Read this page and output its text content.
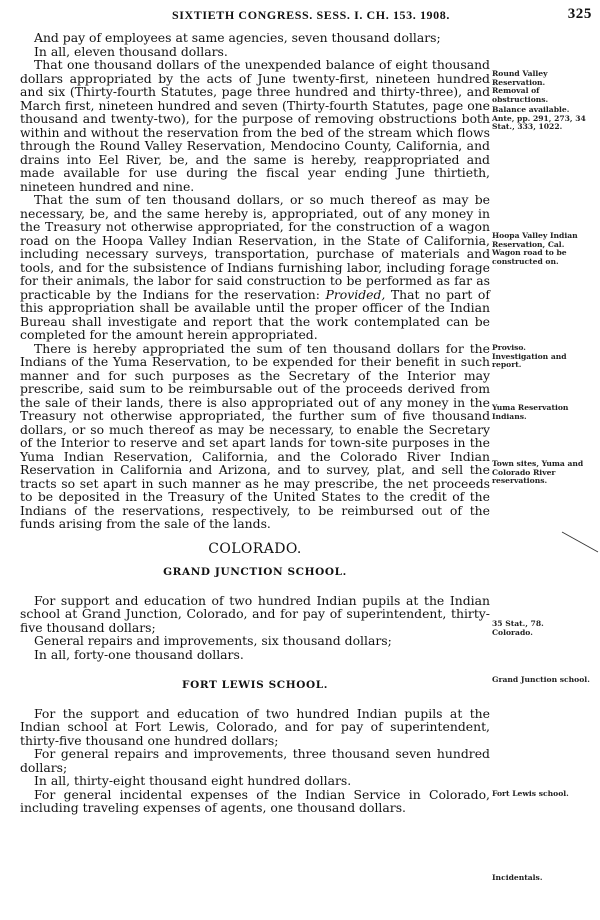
SIXTIETH CONGRESS. SESS. I. CH. 153. 1908.	325

And pay of employees at same agencies, seven thousand dollars;

In all, eleven thousand dollars.

That one thousand dollars of the unexpended balance of eight thousand dollars appropriated by the acts of June twenty-first, nineteen hundred and six (Thirty-fourth Statutes, page three hundred and thirty-three), and March first, nineteen hundred and seven (Thirty-fourth Statutes, page one thousand and twenty-two), for the purpose of removing obstructions both within and without the reservation from the bed of the stream which flows through the Round Valley Reservation, Mendocino County, California, and drains into Eel River, be, and the same is hereby, reappropriated and made available for use during the fiscal year ending June thirtieth, nineteen hundred and nine.

That the sum of ten thousand dollars, or so much thereof as may be necessary, be, and the same hereby is, appropriated, out of any money in the Treasury not otherwise appropriated, for the construction of a wagon road on the Hoopa Valley Indian Reservation, in the State of California, including necessary surveys, transportation, purchase of materials and tools, and for the subsistence of Indians furnishing labor, including forage for their animals, the labor for said construction to be performed as far as practicable by the Indians for the reservation: Provided, That no part of this appropriation shall be available until the proper officer of the Indian Bureau shall investigate and report that the work contemplated can be completed for the amount herein appropriated.

There is hereby appropriated the sum of ten thousand dollars for the Indians of the Yuma Reservation, to be expended for their benefit in such manner and for such purposes as the Secretary of the Interior may prescribe, said sum to be reimbursable out of the proceeds derived from the sale of their lands, there is also appropriated out of any money in the Treasury not otherwise appropriated, the further sum of five thousand dollars, or so much thereof as may be necessary, to enable the Secretary of the Interior to reserve and set apart lands for town-site purposes in the Yuma Indian Reservation, California, and the Colorado River Indian Reservation in California and Arizona, and to survey, plat, and sell the tracts so set apart in such manner as he may prescribe, the net proceeds to be deposited in the Treasury of the United States to the credit of the Indians of the reservations, respectively, to be reimbursed out of the funds arising from the sale of the lands.

COLORADO.

GRAND JUNCTION SCHOOL.

For support and education of two hundred Indian pupils at the Indian school at Grand Junction, Colorado, and for pay of superintendent, thirty-five thousand dollars;

General repairs and improvements, six thousand dollars;

In all, forty-one thousand dollars.

FORT LEWIS SCHOOL.

For the support and education of two hundred Indian pupils at the Indian school at Fort Lewis, Colorado, and for pay of superintendent, thirty-five thousand one hundred dollars;

For general repairs and improvements, three thousand seven hundred dollars;

In all, thirty-eight thousand eight hundred dollars.

For general incidental expenses of the Indian Service in Colorado, including traveling expenses of agents, one thousand dollars.

Round Valley Reservation.
Removal of obstructions.
Balance available.
Ante, pp. 291, 273, 34 Stat., 333, 1022.
Hoopa Valley Indian Reservation, Cal.
Wagon road to be constructed on.
Proviso.
Investigation and report.
Yuma Reservation Indians.
Town sites, Yuma and Colorado River reservations.
35 Stat., 78.
Colorado.
Grand Junction school.
Fort Lewis school.
Incidentals.
